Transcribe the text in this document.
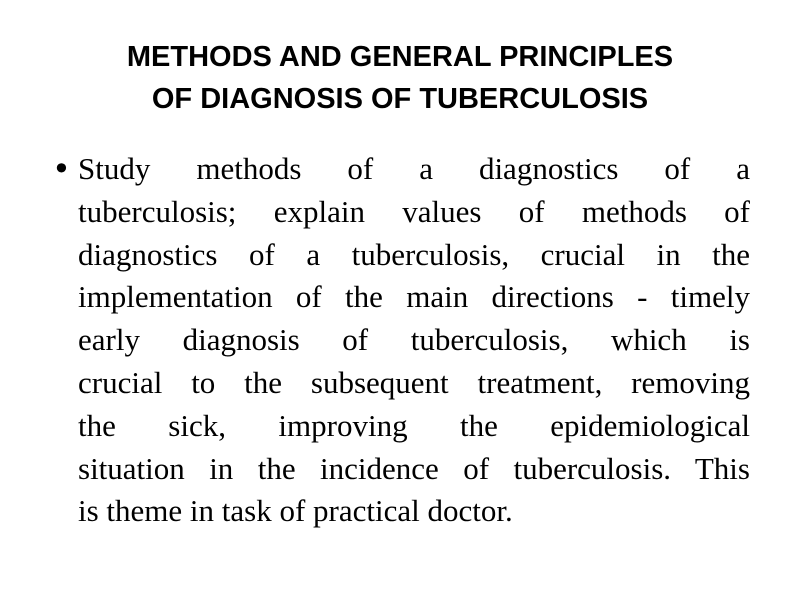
METHODS AND GENERAL PRINCIPLES
OF DIAGNOSIS OF TUBERCULOSIS
• Study methods of a diagnostics of a
tuberculosis; explain values of methods of
diagnostics of a tuberculosis, crucial in the
implementation of the main directions - timely
early diagnosis of tuberculosis, which is
crucial to the subsequent treatment, removing
the sick, improving the epidemiological
situation in the incidence of tuberculosis. This
is theme in task of practical doctor.
